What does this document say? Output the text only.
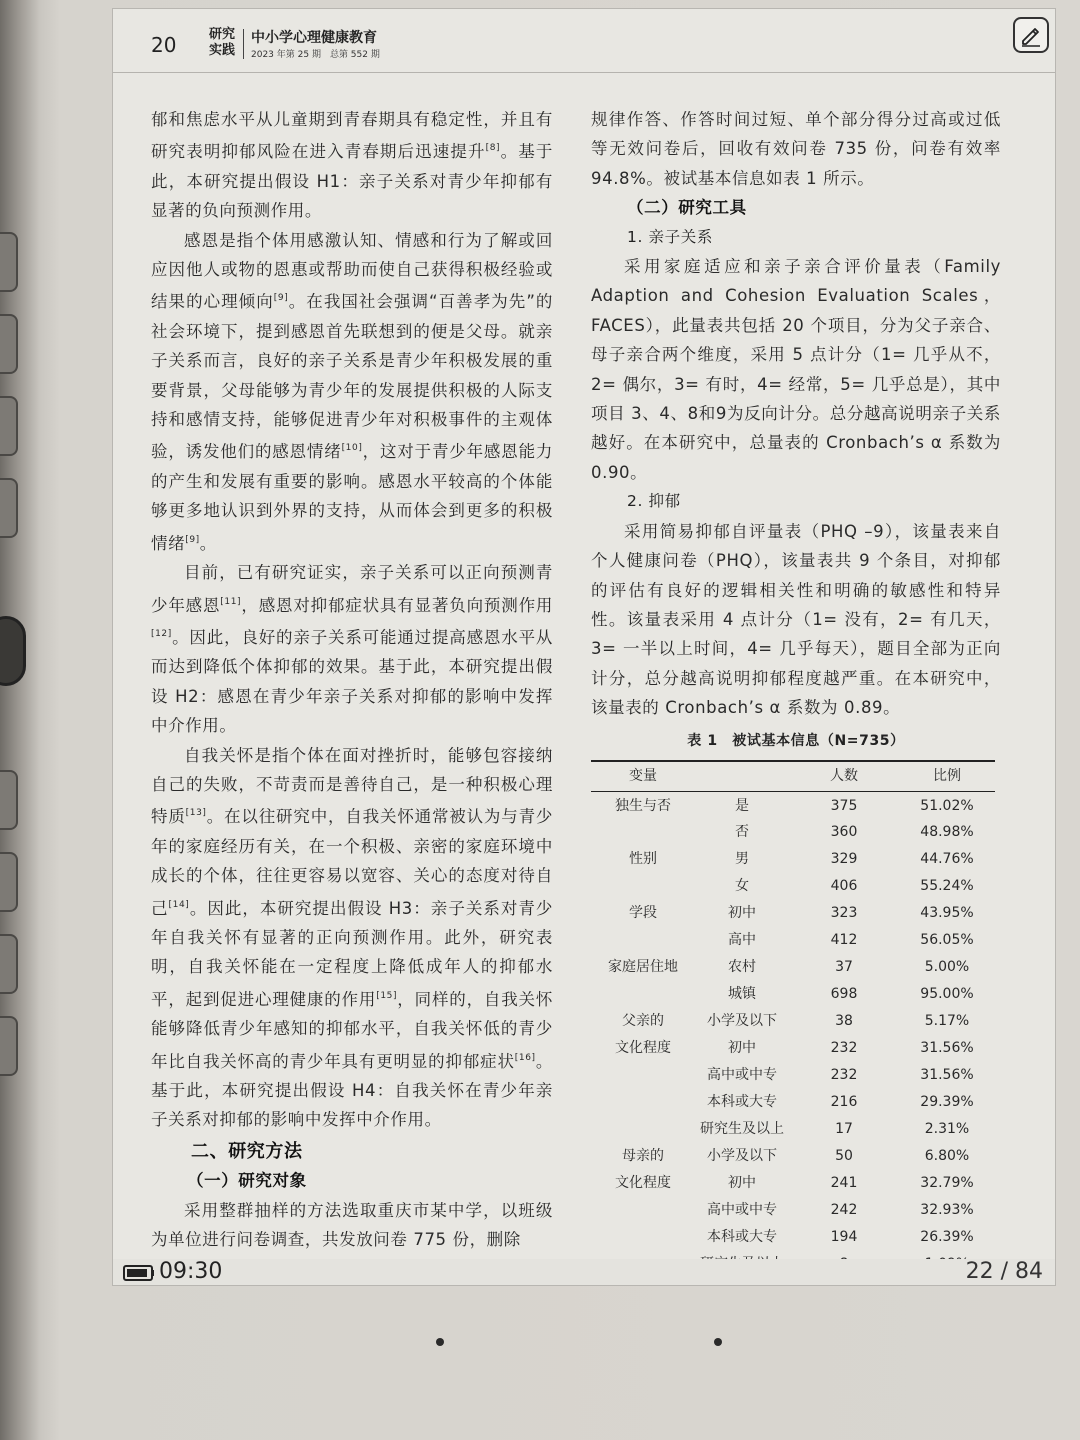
20	研究实践
中小学心理健康教育
2023 年第 25 期　总第 552 期

郁和焦虑水平从儿童期到青春期具有稳定性，并且有研究表明抑郁风险在进入青春期后迅速提升[8]。基于此，本研究提出假设 H1：亲子关系对青少年抑郁有显著的负向预测作用。

感恩是指个体用感激认知、情感和行为了解或回应因他人或物的恩惠或帮助而使自己获得积极经验或结果的心理倾向[9]。在我国社会强调“百善孝为先”的社会环境下，提到感恩首先联想到的便是父母。就亲子关系而言，良好的亲子关系是青少年积极发展的重要背景，父母能够为青少年的发展提供积极的人际支持和感情支持，能够促进青少年对积极事件的主观体验，诱发他们的感恩情绪[10]，这对于青少年感恩能力的产生和发展有重要的影响。感恩水平较高的个体能够更多地认识到外界的支持，从而体会到更多的积极情绪[9]。

目前，已有研究证实，亲子关系可以正向预测青少年感恩[11]，感恩对抑郁症状具有显著负向预测作用[12]。因此，良好的亲子关系可能通过提高感恩水平从而达到降低个体抑郁的效果。基于此，本研究提出假设 H2：感恩在青少年亲子关系对抑郁的影响中发挥中介作用。

自我关怀是指个体在面对挫折时，能够包容接纳自己的失败，不苛责而是善待自己，是一种积极心理特质[13]。在以往研究中，自我关怀通常被认为与青少年的家庭经历有关，在一个积极、亲密的家庭环境中成长的个体，往往更容易以宽容、关心的态度对待自己[14]。因此，本研究提出假设 H3：亲子关系对青少年自我关怀有显著的正向预测作用。此外，研究表明，自我关怀能在一定程度上降低成年人的抑郁水平，起到促进心理健康的作用[15]，同样的，自我关怀能够降低青少年感知的抑郁水平，自我关怀低的青少年比自我关怀高的青少年具有更明显的抑郁症状[16]。基于此，本研究提出假设 H4：自我关怀在青少年亲子关系对抑郁的影响中发挥中介作用。

二、研究方法
（一）研究对象

采用整群抽样的方法选取重庆市某中学，以班级为单位进行问卷调查，共发放问卷 775 份，删除

规律作答、作答时间过短、单个部分得分过高或过低等无效问卷后，回收有效问卷 735 份，问卷有效率 94.8%。被试基本信息如表 1 所示。

（二）研究工具
1. 亲子关系

采用家庭适应和亲子亲合评价量表（Family Adaption and Cohesion Evaluation Scales，FACES），此量表共包括 20 个项目，分为父子亲合、母子亲合两个维度，采用 5 点计分（1= 几乎从不，2= 偶尔，3= 有时，4= 经常，5= 几乎总是），其中项目 3、4、8和9为反向计分。总分越高说明亲子关系越好。在本研究中，总量表的 Cronbach’s α 系数为 0.90。

2. 抑郁

采用简易抑郁自评量表（PHQ –9），该量表来自个人健康问卷（PHQ），该量表共 9 个条目，对抑郁的评估有良好的逻辑相关性和明确的敏感性和特异性。该量表采用 4 点计分（1= 没有，2= 有几天，3= 一半以上时间，4= 几乎每天），题目全部为正向计分，总分越高说明抑郁程度越严重。在本研究中，该量表的 Cronbach’s α 系数为 0.89。

表 1　被试基本信息（N=735）
变量		人数	比例
独生与否	是	375	51.02%
	否	360	48.98%
性别	男	329	44.76%
	女	406	55.24%
学段	初中	323	43.95%
	高中	412	56.05%
家庭居住地	农村	37	5.00%
	城镇	698	95.00%
父亲的	小学及以下	38	5.17%
文化程度	初中	232	31.56%
	高中或中专	232	31.56%
	本科或大专	216	29.39%
	研究生及以上	17	2.31%
母亲的	小学及以下	50	6.80%
文化程度	初中	241	32.79%
	高中或中专	242	32.93%
	本科或大专	194	26.39%

09:30	22 / 84
